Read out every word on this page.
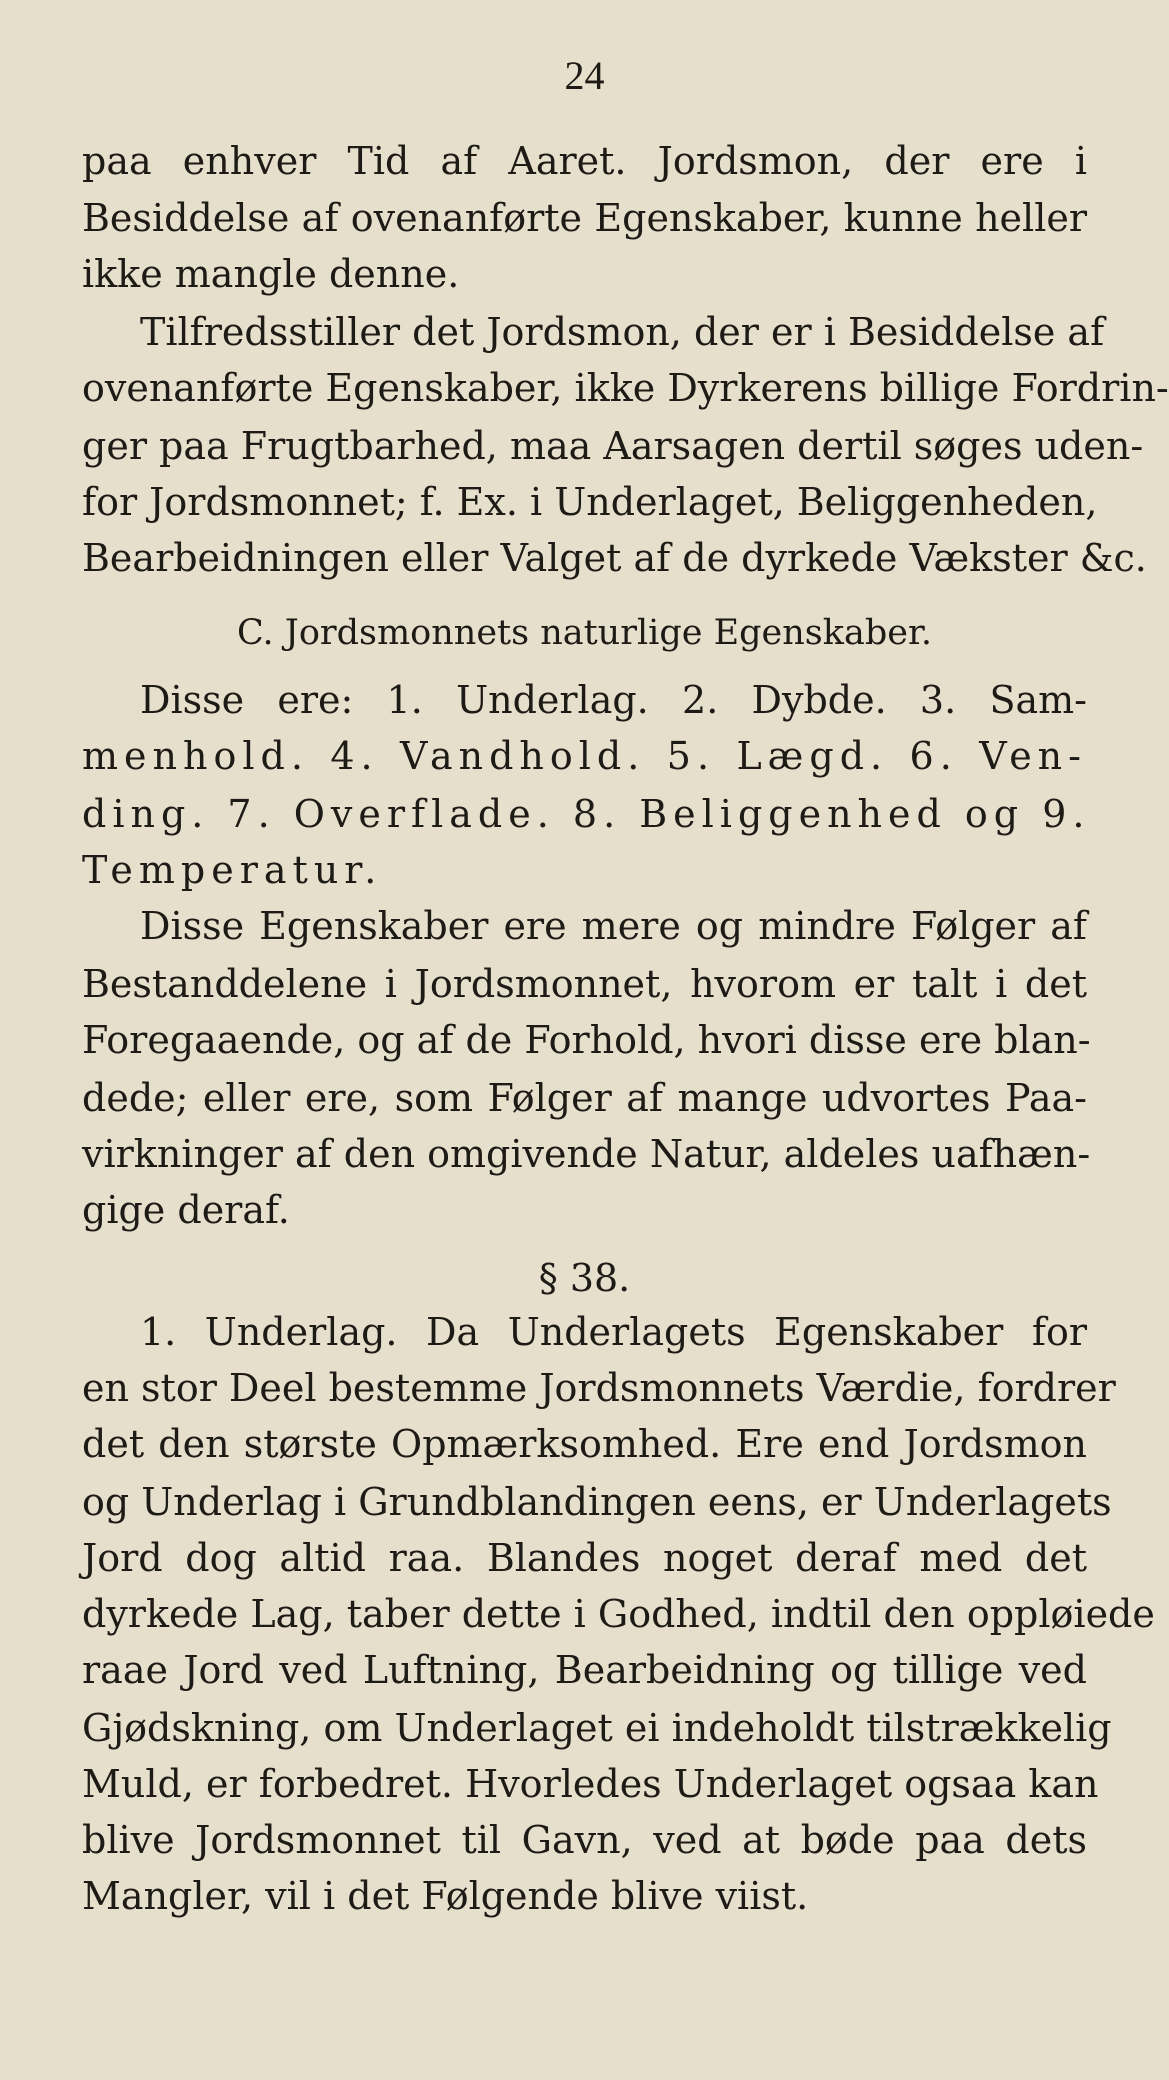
24
paa enhver Tid af Aaret. Jordsmon, der ere i
Besiddelse af ovenanførte Egenskaber, kunne heller
ikke mangle denne.
Tilfredsstiller det Jordsmon, der er i Besiddelse af
ovenanførte Egenskaber, ikke Dyrkerens billige Fordrin-
ger paa Frugtbarhed, maa Aarsagen dertil søges uden-
for Jordsmonnet; f. Ex. i Underlaget, Beliggenheden,
Bearbeidningen eller Valget af de dyrkede Vækster &c.
C. Jordsmonnets naturlige Egenskaber.
Disse ere: 1. Underlag. 2. Dybde. 3. Sam-
menhold. 4. Vandhold. 5. Lægd. 6. Ven-
ding. 7. Overflade. 8. Beliggenhed og 9.
Temperatur.
Disse Egenskaber ere mere og mindre Følger af
Bestanddelene i Jordsmonnet, hvorom er talt i det
Foregaaende, og af de Forhold, hvori disse ere blan-
dede; eller ere, som Følger af mange udvortes Paa-
virkninger af den omgivende Natur, aldeles uafhæn-
gige deraf.
§ 38.
1. Underlag. Da Underlagets Egenskaber for
en stor Deel bestemme Jordsmonnets Værdie, fordrer
det den største Opmærksomhed. Ere end Jordsmon
og Underlag i Grundblandingen eens, er Underlagets
Jord dog altid raa. Blandes noget deraf med det
dyrkede Lag, taber dette i Godhed, indtil den oppløiede
raae Jord ved Luftning, Bearbeidning og tillige ved
Gjødskning, om Underlaget ei indeholdt tilstrækkelig
Muld, er forbedret. Hvorledes Underlaget ogsaa kan
blive Jordsmonnet til Gavn, ved at bøde paa dets
Mangler, vil i det Følgende blive viist.
